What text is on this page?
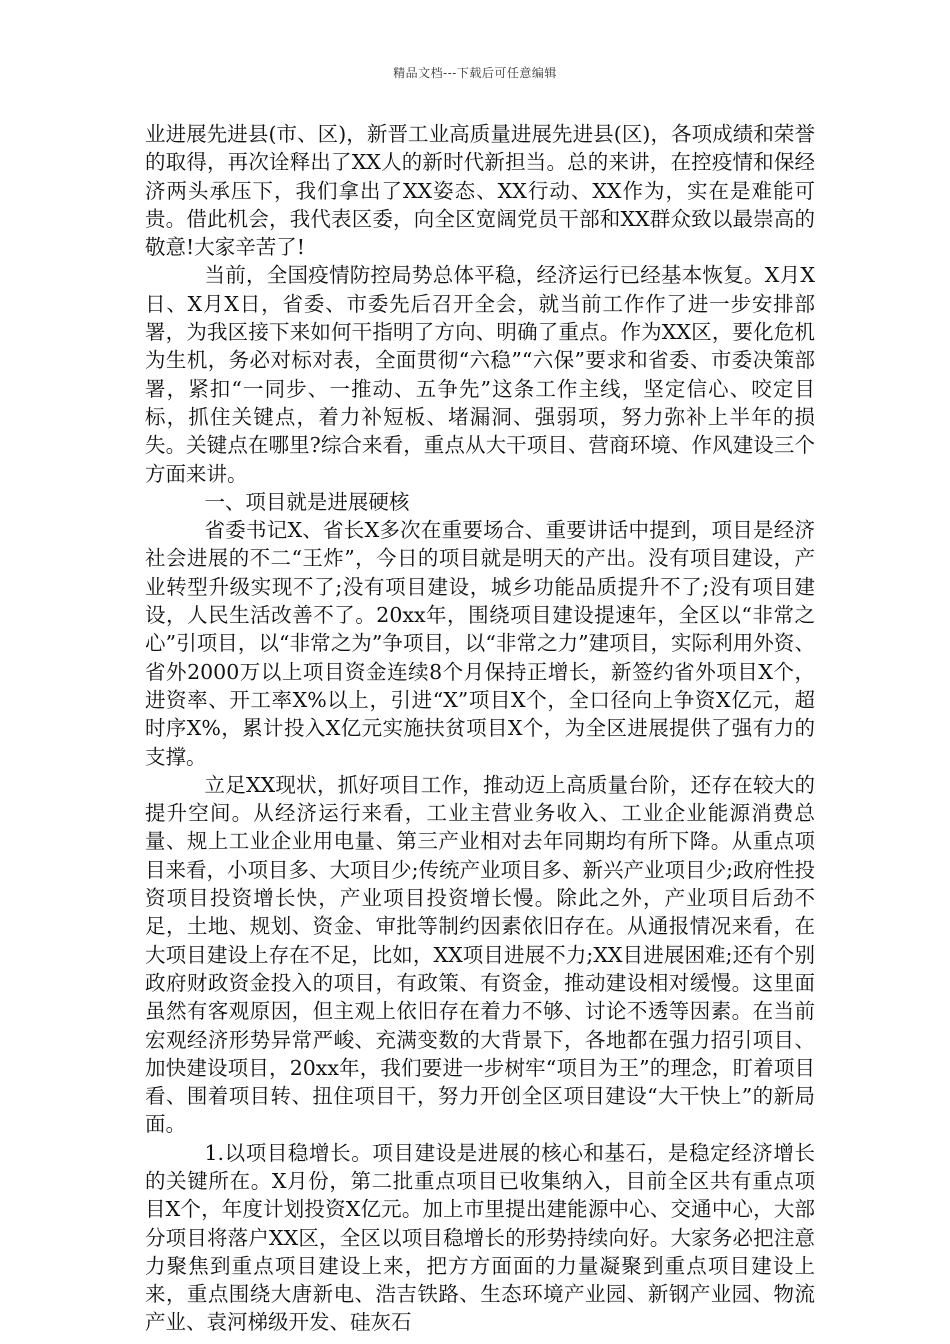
精品文档---下载后可任意编辑

业进展先进县(市、区)，新晋工业高质量进展先进县(区)，各项成绩和荣誉的取得，再次诠释出了XX人的新时代新担当。总的来讲，在控疫情和保经济两头承压下，我们拿出了XX姿态、XX行动、XX作为，实在是难能可贵。借此机会，我代表区委，向全区宽阔党员干部和XX群众致以最崇高的敬意!大家辛苦了!

当前，全国疫情防控局势总体平稳，经济运行已经基本恢复。X月X日、X月X日，省委、市委先后召开全会，就当前工作作了进一步安排部署，为我区接下来如何干指明了方向、明确了重点。作为XX区，要化危机为生机，务必对标对表，全面贯彻“六稳”“六保”要求和省委、市委决策部署，紧扣“一同步、一推动、五争先”这条工作主线，坚定信心、咬定目标，抓住关键点，着力补短板、堵漏洞、强弱项，努力弥补上半年的损失。关键点在哪里?综合来看，重点从大干项目、营商环境、作风建设三个方面来讲。

一、项目就是进展硬核

省委书记X、省长X多次在重要场合、重要讲话中提到，项目是经济社会进展的不二“王炸”，今日的项目就是明天的产出。没有项目建设，产业转型升级实现不了;没有项目建设，城乡功能品质提升不了;没有项目建设，人民生活改善不了。20xx年，围绕项目建设提速年，全区以“非常之心”引项目，以“非常之为”争项目，以“非常之力”建项目，实际利用外资、省外2000万以上项目资金连续8个月保持正增长，新签约省外项目X个，进资率、开工率X%以上，引进“X”项目X个，全口径向上争资X亿元，超时序X%，累计投入X亿元实施扶贫项目X个，为全区进展提供了强有力的支撑。

立足XX现状，抓好项目工作，推动迈上高质量台阶，还存在较大的提升空间。从经济运行来看，工业主营业务收入、工业企业能源消费总量、规上工业企业用电量、第三产业相对去年同期均有所下降。从重点项目来看，小项目多、大项目少;传统产业项目多、新兴产业项目少;政府性投资项目投资增长快，产业项目投资增长慢。除此之外，产业项目后劲不足，土地、规划、资金、审批等制约因素依旧存在。从通报情况来看，在大项目建设上存在不足，比如，XX项目进展不力;XX目进展困难;还有个别政府财政资金投入的项目，有政策、有资金，推动建设相对缓慢。这里面虽然有客观原因，但主观上依旧存在着力不够、讨论不透等因素。在当前宏观经济形势异常严峻、充满变数的大背景下，各地都在强力招引项目、加快建设项目，20xx年，我们要进一步树牢“项目为王”的理念，盯着项目看、围着项目转、扭住项目干，努力开创全区项目建设“大干快上”的新局面。

1.以项目稳增长。项目建设是进展的核心和基石，是稳定经济增长的关键所在。X月份，第二批重点项目已收集纳入，目前全区共有重点项目X个，年度计划投资X亿元。加上市里提出建能源中心、交通中心，大部分项目将落户XX区，全区以项目稳增长的形势持续向好。大家务必把注意力聚焦到重点项目建设上来，把方方面面的力量凝聚到重点项目建设上来，重点围绕大唐新电、浩吉铁路、生态环境产业园、新钢产业园、物流产业、袁河梯级开发、硅灰石
